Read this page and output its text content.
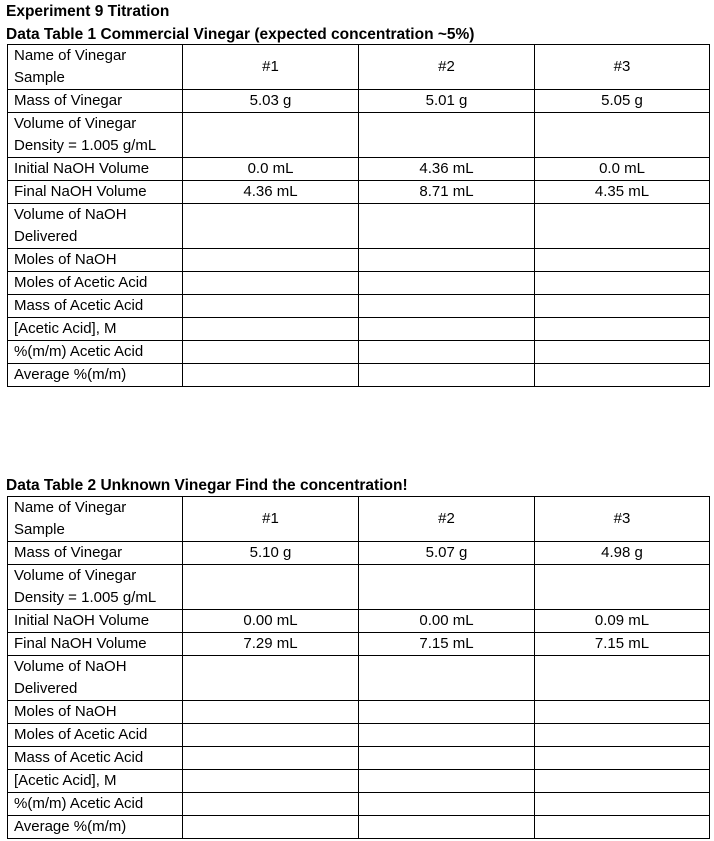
Experiment 9 Titration
Data Table 1 Commercial Vinegar (expected concentration ~5%)
Name of Vinegar Sample	#1	#2	#3
Mass of Vinegar	5.03 g	5.01 g	5.05 g
Volume of Vinegar Density = 1.005 g/mL			
Initial NaOH Volume	0.0 mL	4.36 mL	0.0 mL
Final NaOH Volume	4.36 mL	8.71 mL	4.35 mL
Volume of NaOH Delivered			
Moles of NaOH			
Moles of Acetic Acid			
Mass of Acetic Acid			
[Acetic Acid], M			
%(m/m) Acetic Acid			
Average %(m/m)			
Data Table 2 Unknown Vinegar Find the concentration!
Name of Vinegar Sample	#1	#2	#3
Mass of Vinegar	5.10 g	5.07 g	4.98 g
Volume of Vinegar Density = 1.005 g/mL			
Initial NaOH Volume	0.00 mL	0.00 mL	0.09 mL
Final NaOH Volume	7.29 mL	7.15 mL	7.15 mL
Volume of NaOH Delivered			
Moles of NaOH			
Moles of Acetic Acid			
Mass of Acetic Acid			
[Acetic Acid], M			
%(m/m) Acetic Acid			
Average %(m/m)			
